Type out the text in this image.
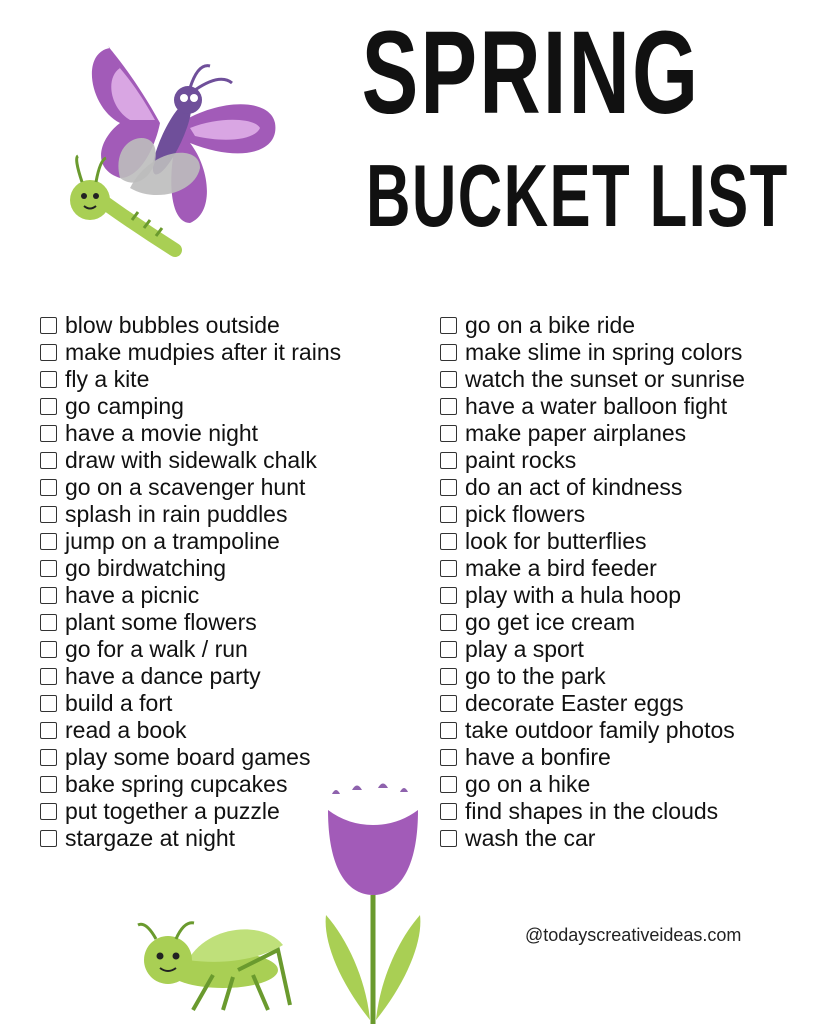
SPRING
BUCKET LIST
blow bubbles outside
make mudpies after it rains
fly a kite
go camping
have a movie night
draw with sidewalk chalk
go on a scavenger hunt
splash in rain puddles
jump on a trampoline
go birdwatching
have a picnic
plant some flowers
go for a walk / run
have a dance party
build a fort
read a book
play some board games
bake spring cupcakes
put together a puzzle
stargaze at night
go on a bike ride
make slime in spring colors
watch the sunset or sunrise
have a water balloon fight
make paper airplanes
paint rocks
do an act of kindness
pick flowers
look for butterflies
make a bird feeder
play with a hula hoop
go get ice cream
play a sport
go to the park
decorate Easter eggs
take outdoor family photos
have a bonfire
go on a hike
find shapes in the clouds
wash the car
@todayscreativeideas.com
